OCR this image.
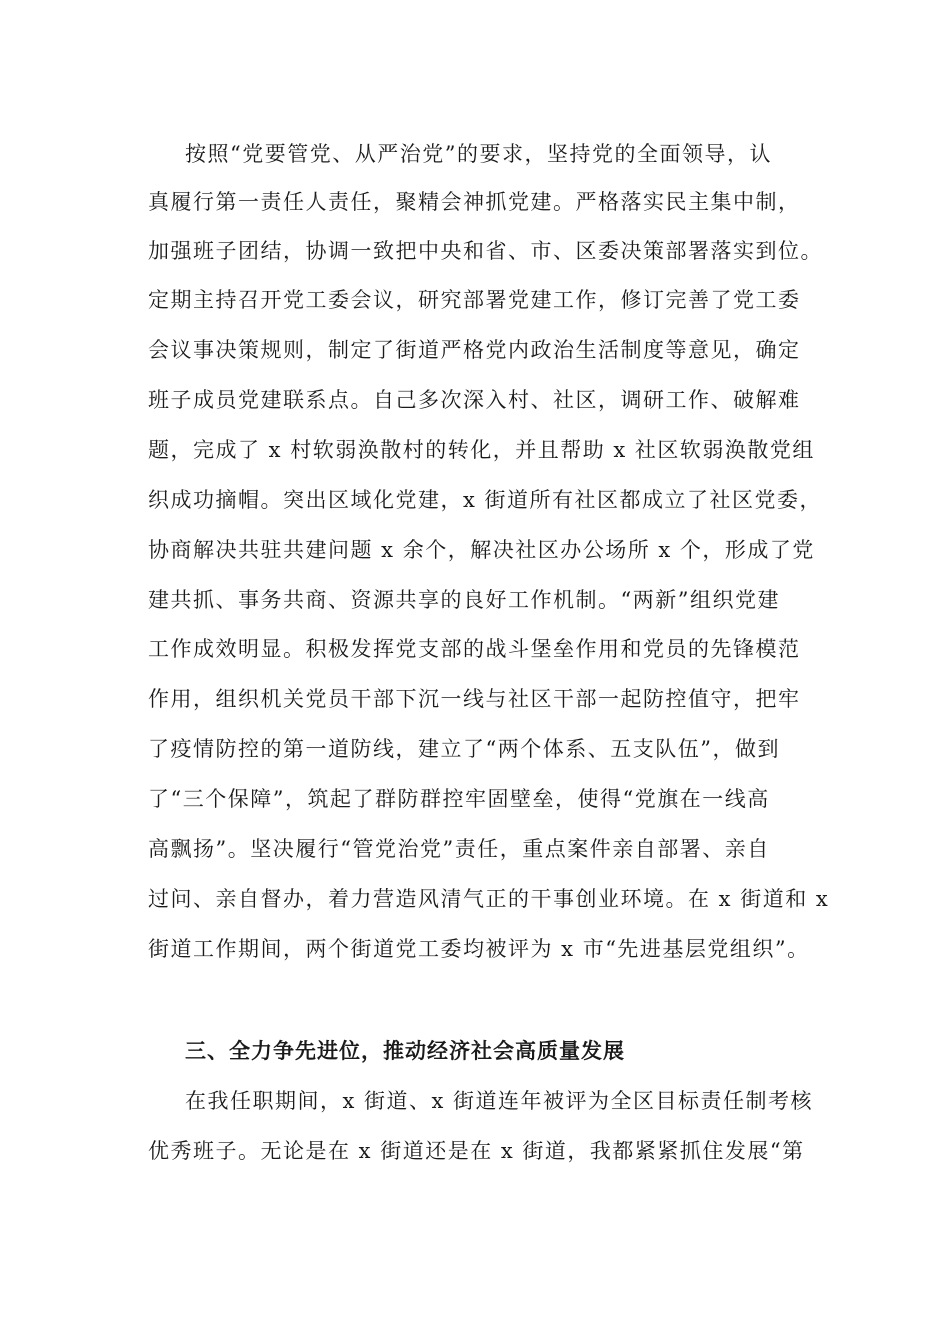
按照“党要管党、从严治党”的要求，坚持党的全面领导，认
真履行第一责任人责任，聚精会神抓党建。严格落实民主集中制，
加强班子团结，协调一致把中央和省、市、区委决策部署落实到位。
定期主持召开党工委会议，研究部署党建工作，修订完善了党工委
会议事决策规则，制定了街道严格党内政治生活制度等意见，确定
班子成员党建联系点。自己多次深入村、社区，调研工作、破解难
题，完成了 x 村软弱涣散村的转化，并且帮助 x 社区软弱涣散党组
织成功摘帽。突出区域化党建，x 街道所有社区都成立了社区党委，
协商解决共驻共建问题 x 余个，解决社区办公场所 x 个，形成了党
建共抓、事务共商、资源共享的良好工作机制。“两新”组织党建
工作成效明显。积极发挥党支部的战斗堡垒作用和党员的先锋模范
作用，组织机关党员干部下沉一线与社区干部一起防控值守，把牢
了疫情防控的第一道防线，建立了“两个体系、五支队伍”，做到
了“三个保障”，筑起了群防群控牢固壁垒，使得“党旗在一线高
高飘扬”。坚决履行“管党治党”责任，重点案件亲自部署、亲自
过问、亲自督办，着力营造风清气正的干事创业环境。在 x 街道和 x
街道工作期间，两个街道党工委均被评为 x 市“先进基层党组织”。
三、全力争先进位，推动经济社会高质量发展
在我任职期间，x 街道、x 街道连年被评为全区目标责任制考核
优秀班子。无论是在 x 街道还是在 x 街道，我都紧紧抓住发展“第
